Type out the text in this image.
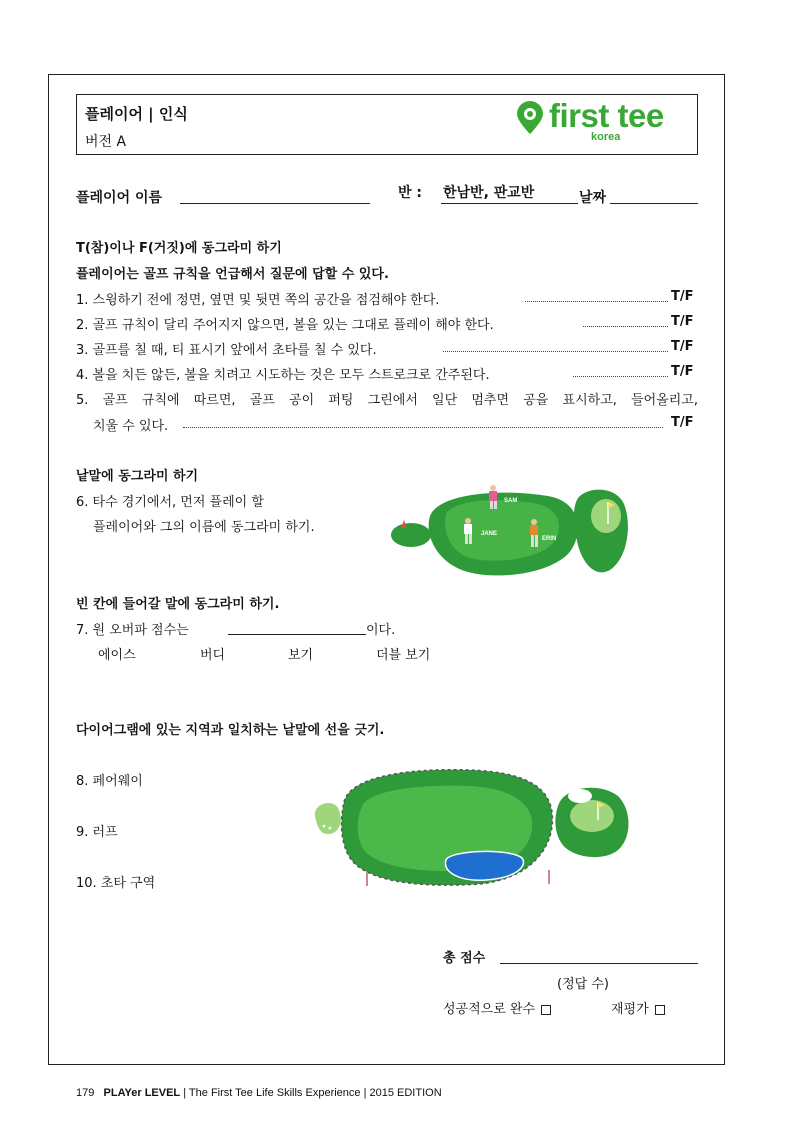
플레이어 | 인식
버전 A
first tee
korea
플레이어 이름	반 : 한남반, 판교반	날짜
T(참)이나 F(거짓)에 동그라미 하기
플레이어는 골프 규칙을 언급해서 질문에 답할 수 있다.
1. 스윙하기 전에 정면, 옆면 및 뒷면 쪽의 공간을 점검해야 한다.	T/F
2. 골프 규칙이 달리 주어지지 않으면, 볼을 있는 그대로 플레이 해야 한다.	T/F
3. 골프를 칠 때, 티 표시기 앞에서 초타를 칠 수 있다.	T/F
4. 볼을 치든 않든, 볼을 치려고 시도하는 것은 모두 스트로크로 간주된다.	T/F
5. 골프 규칙에 따르면, 골프 공이 퍼팅 그린에서 일단 멈추면 공을 표시하고, 들어올리고,
치울 수 있다.	T/F
낱말에 동그라미 하기
6. 타수 경기에서, 먼저 플레이 할
플레이어와 그의 이름에 동그라미 하기.
SAM
JANE
ERIN
빈 칸에 들어갈 말에 동그라미 하기.
7. 원 오버파 점수는	이다.
에이스	버디	보기	더블 보기
다이어그램에 있는 지역과 일치하는 낱말에 선을 긋기.
8. 페어웨이
9. 러프
10. 초타 구역
총 점수
(정답 수)
성공적으로 완수	재평가
179 PLAYer LEVEL | The First Tee Life Skills Experience | 2015 EDITION
